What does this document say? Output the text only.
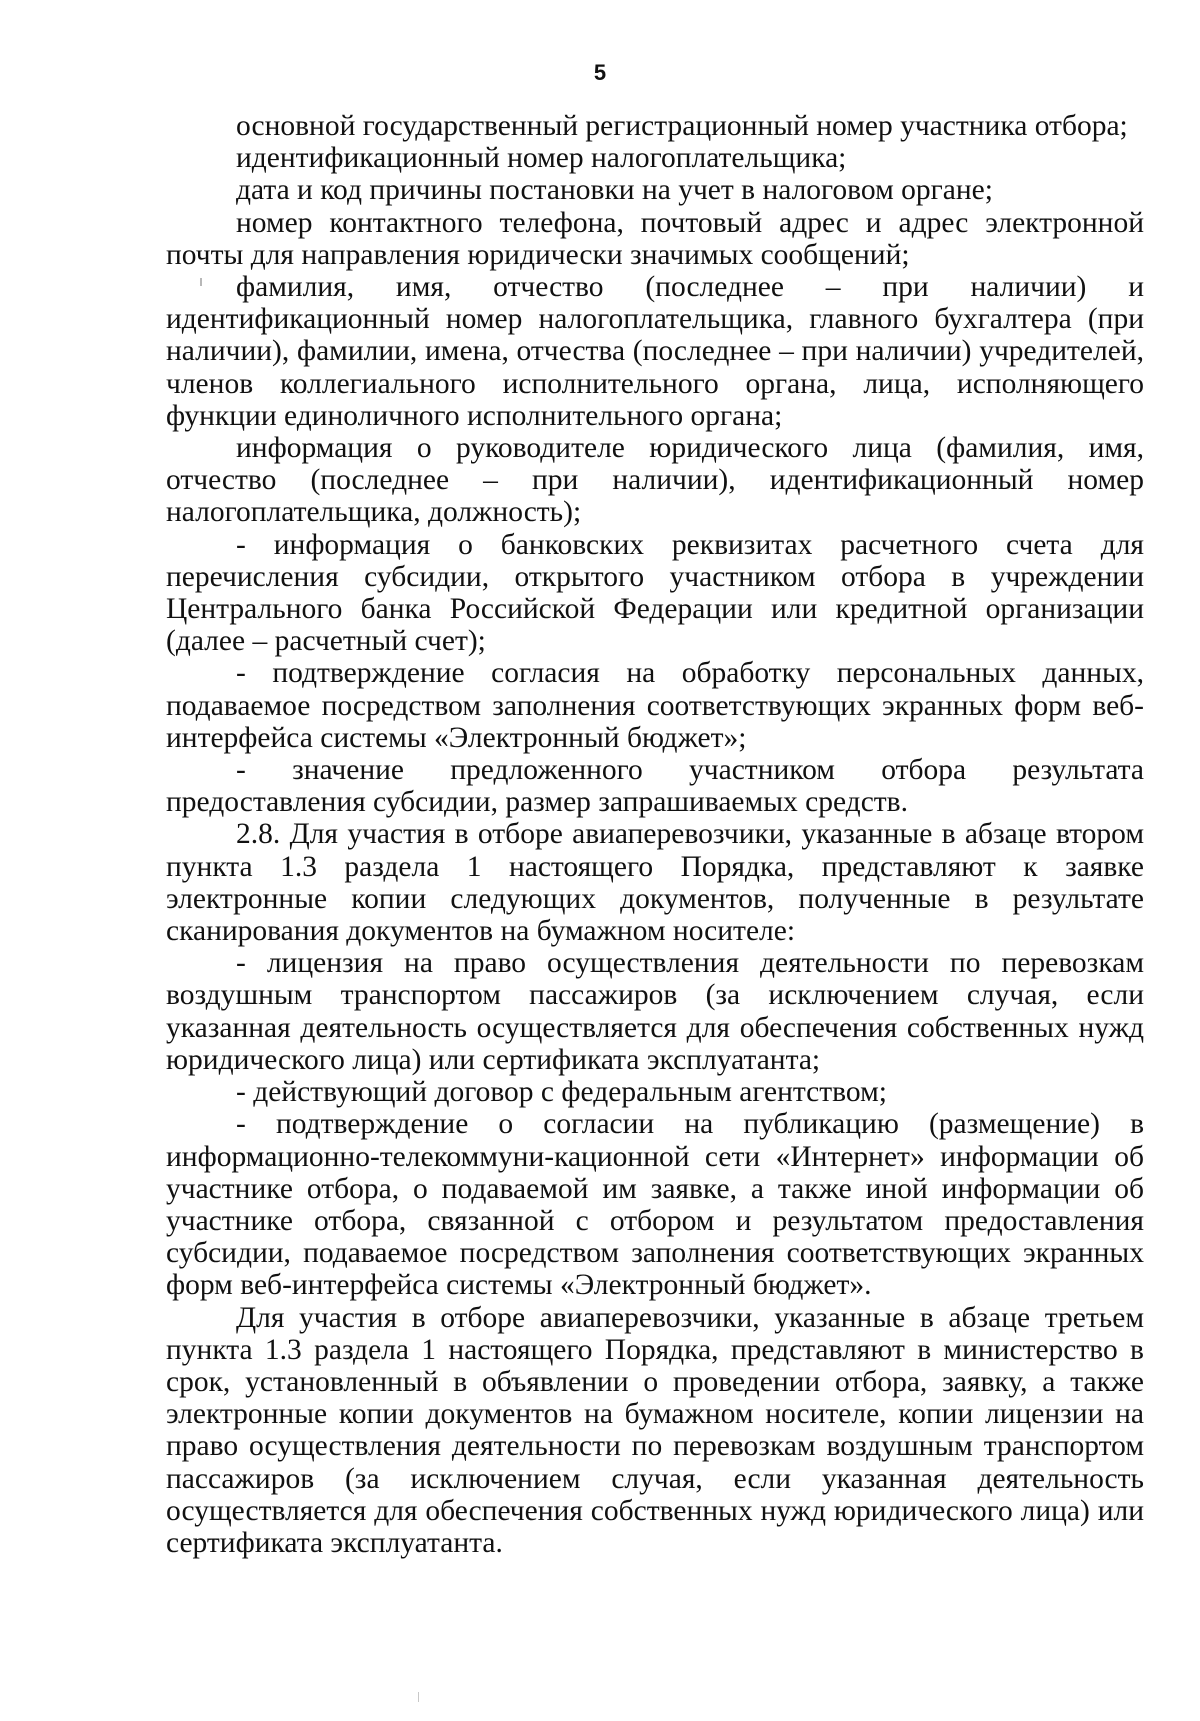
5

основной государственный регистрационный номер участника отбора;

идентификационный номер налогоплательщика;

дата и код причины постановки на учет в налоговом органе;

номер контактного телефона, почтовый адрес и адрес электронной почты для направления юридически значимых сообщений;

фамилия, имя, отчество (последнее – при наличии) и идентификационный номер налогоплательщика, главного бухгалтера (при наличии), фамилии, имена, отчества (последнее – при наличии) учредителей, членов коллегиального исполнительного органа, лица, исполняющего функции единоличного исполнительного органа;

информация о руководителе юридического лица (фамилия, имя, отчество (последнее – при наличии), идентификационный номер налогоплательщика, должность);

- информация о банковских реквизитах расчетного счета для перечисления субсидии, открытого участником отбора в учреждении Центрального банка Российской Федерации или кредитной организации (далее – расчетный счет);

- подтверждение согласия на обработку персональных данных, подаваемое посредством заполнения соответствующих экранных форм веб-интерфейса системы «Электронный бюджет»;

- значение предложенного участником отбора результата предоставления субсидии, размер запрашиваемых средств.

2.8. Для участия в отборе авиаперевозчики, указанные в абзаце втором пункта 1.3 раздела 1 настоящего Порядка, представляют к заявке электронные копии следующих документов, полученные в результате сканирования документов на бумажном носителе:

- лицензия на право осуществления деятельности по перевозкам воздушным транспортом пассажиров (за исключением случая, если указанная деятельность осуществляется для обеспечения собственных нужд юридического лица) или сертификата эксплуатанта;

- действующий договор с федеральным агентством;

- подтверждение о согласии на публикацию (размещение) в информационно-телекоммуни-кационной сети «Интернет» информации об участнике отбора, о подаваемой им заявке, а также иной информации об участнике отбора, связанной с отбором и результатом предоставления субсидии, подаваемое посредством заполнения соответствующих экранных форм веб-интерфейса системы «Электронный бюджет».

Для участия в отборе авиаперевозчики, указанные в абзаце третьем пункта 1.3 раздела 1 настоящего Порядка, представляют в министерство в срок, установленный в объявлении о проведении отбора, заявку, а также электронные копии документов на бумажном носителе, копии лицензии на право осуществления деятельности по перевозкам воздушным транспортом пассажиров (за исключением случая, если указанная деятельность осуществляется для обеспечения собственных нужд юридического лица) или сертификата эксплуатанта.
